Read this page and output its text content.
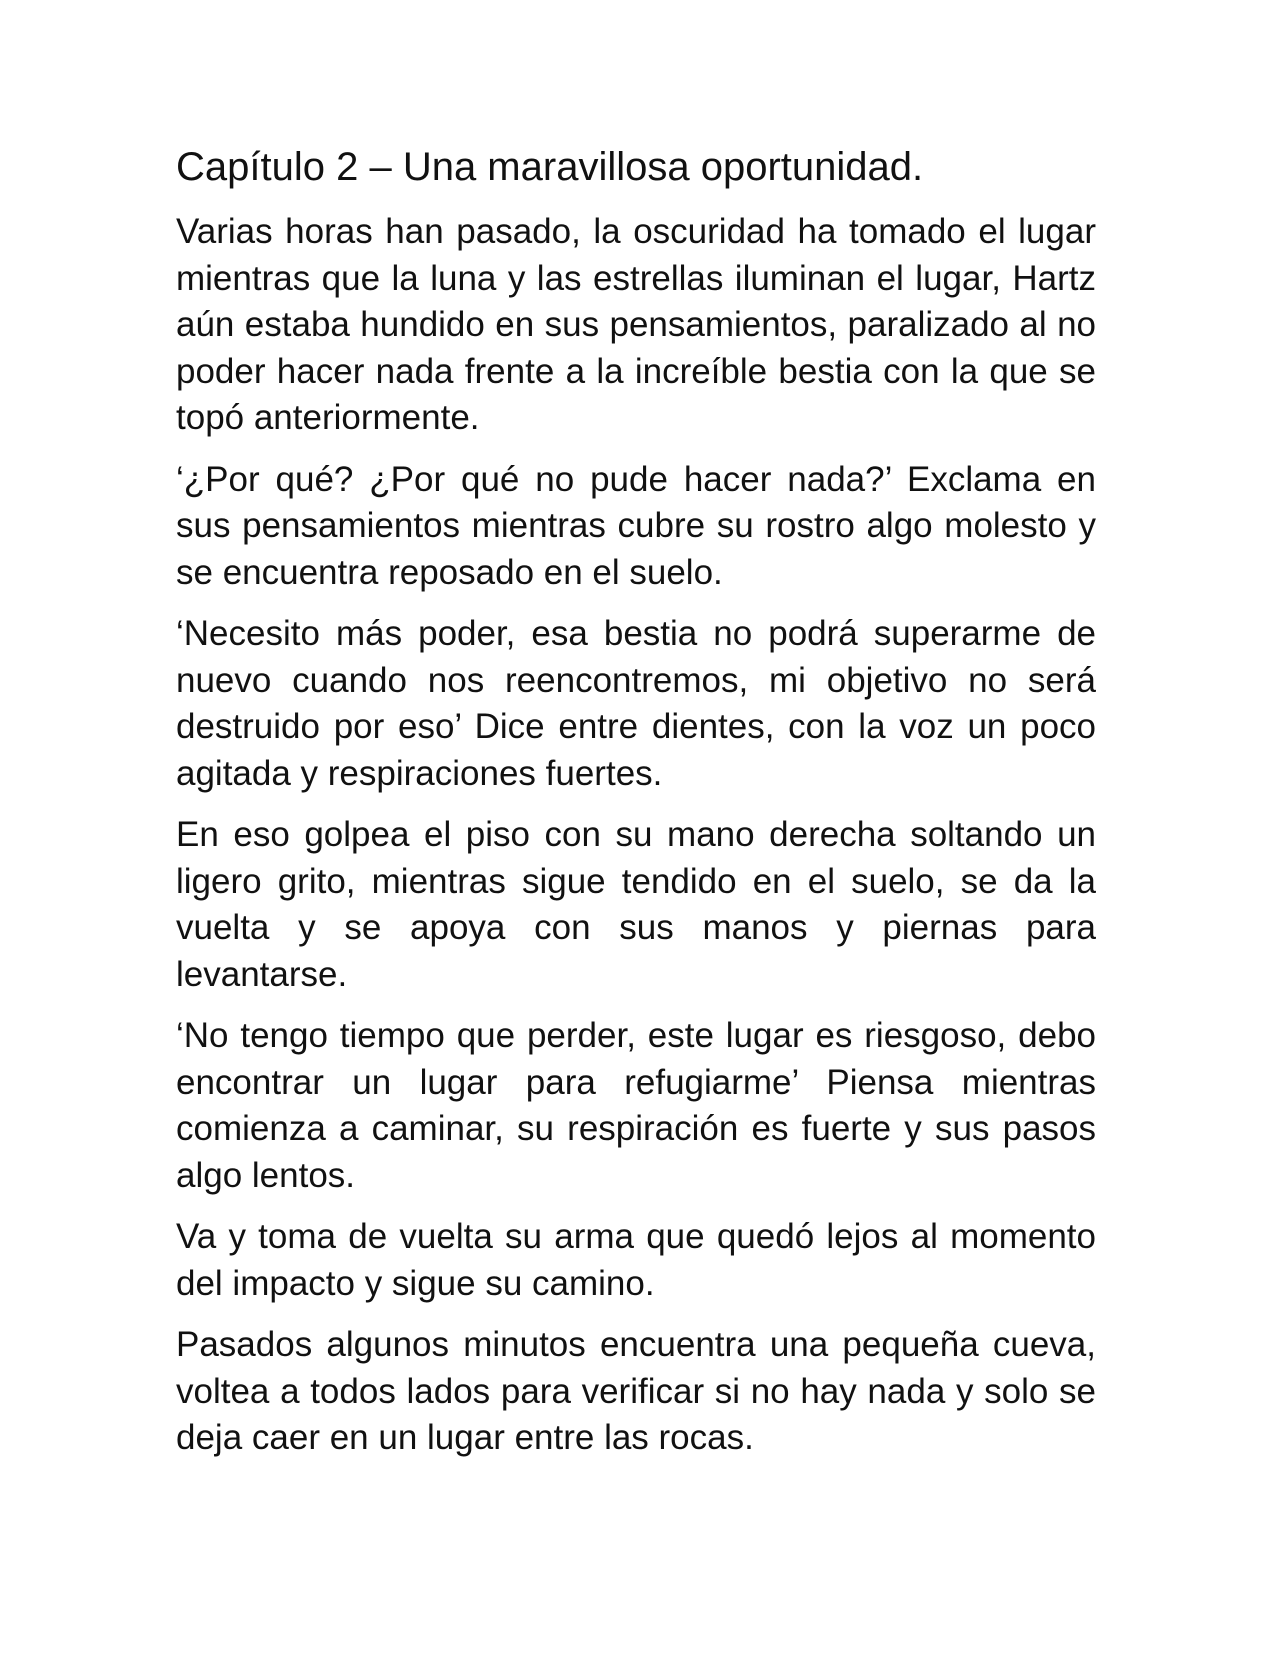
Capítulo 2 – Una maravillosa oportunidad.

Varias horas han pasado, la oscuridad ha tomado el lugar mientras que la luna y las estrellas iluminan el lugar, Hartz aún estaba hundido en sus pensamientos, paralizado al no poder hacer nada frente a la increíble bestia con la que se topó anteriormente.

‘¿Por qué? ¿Por qué no pude hacer nada?’ Exclama en sus pensamientos mientras cubre su rostro algo molesto y se encuentra reposado en el suelo.

‘Necesito más poder, esa bestia no podrá superarme de nuevo cuando nos reencontremos, mi objetivo no será destruido por eso’ Dice entre dientes, con la voz un poco agitada y respiraciones fuertes.

En eso golpea el piso con su mano derecha soltando un ligero grito, mientras sigue tendido en el suelo, se da la vuelta y se apoya con sus manos y piernas para levantarse.

‘No tengo tiempo que perder, este lugar es riesgoso, debo encontrar un lugar para refugiarme’ Piensa mientras comienza a caminar, su respiración es fuerte y sus pasos algo lentos.

Va y toma de vuelta su arma que quedó lejos al momento del impacto y sigue su camino.

Pasados algunos minutos encuentra una pequeña cueva, voltea a todos lados para verificar si no hay nada y solo se deja caer en un lugar entre las rocas.
